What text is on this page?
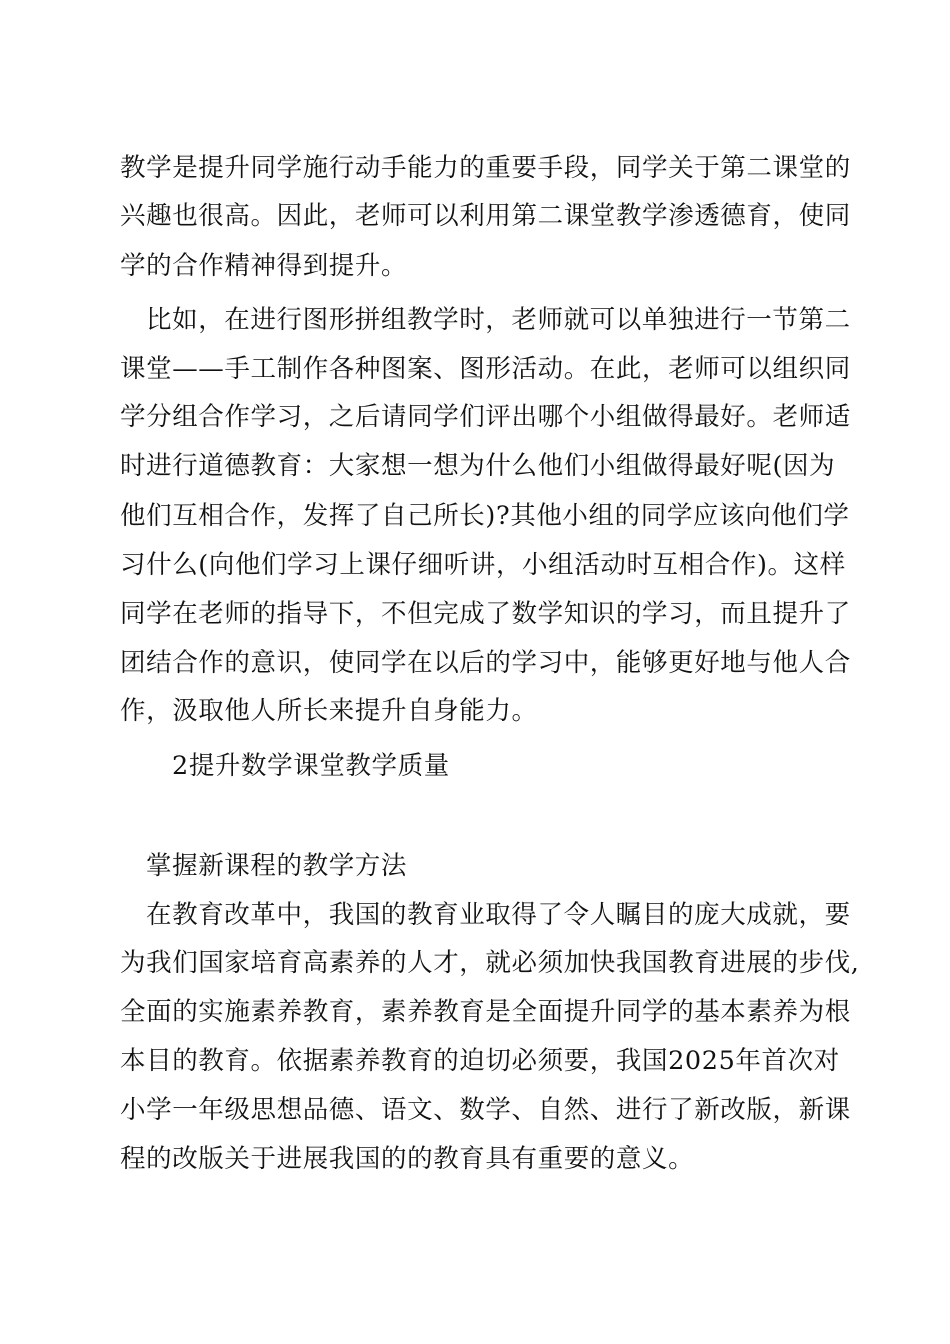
教学是提升同学施行动手能力的重要手段，同学关于第二课堂的
兴趣也很高。因此，老师可以利用第二课堂教学渗透德育，使同
学的合作精神得到提升。
比如，在进行图形拼组教学时，老师就可以单独进行一节第二
课堂——手工制作各种图案、图形活动。在此，老师可以组织同
学分组合作学习，之后请同学们评出哪个小组做得最好。老师适
时进行道德教育：大家想一想为什么他们小组做得最好呢(因为
他们互相合作，发挥了自己所长)?其他小组的同学应该向他们学
习什么(向他们学习上课仔细听讲，小组活动时互相合作)。这样
同学在老师的指导下，不但完成了数学知识的学习，而且提升了
团结合作的意识，使同学在以后的学习中，能够更好地与他人合
作，汲取他人所长来提升自身能力。
2提升数学课堂教学质量
掌握新课程的教学方法
在教育改革中，我国的教育业取得了令人瞩目的庞大成就，要
为我们国家培育高素养的人才，就必须加快我国教育进展的步伐,
全面的实施素养教育，素养教育是全面提升同学的基本素养为根
本目的教育。依据素养教育的迫切必须要，我国2025年首次对
小学一年级思想品德、语文、数学、自然、进行了新改版，新课
程的改版关于进展我国的的教育具有重要的意义。
